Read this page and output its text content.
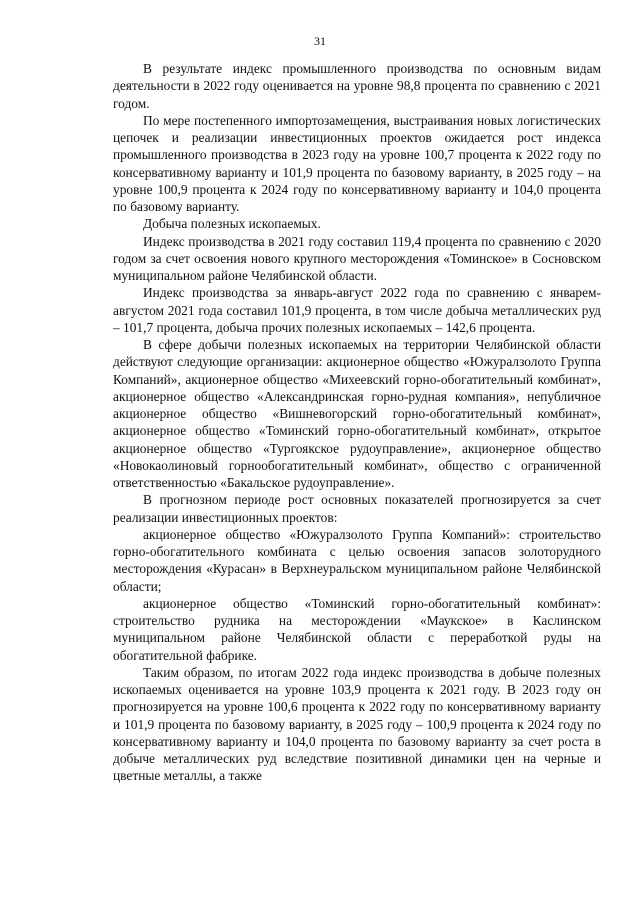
31

В результате индекс промышленного производства по основным видам деятельности в 2022 году оценивается на уровне 98,8 процента по сравнению с 2021 годом.

По мере постепенного импортозамещения, выстраивания новых логистических цепочек и реализации инвестиционных проектов ожидается рост индекса промышленного производства в 2023 году на уровне 100,7 процента к 2022 году по консервативному варианту и 101,9 процента по базовому варианту, в 2025 году – на уровне 100,9 процента к 2024 году по консервативному варианту и 104,0 процента по базовому варианту.

Добыча полезных ископаемых.

Индекс производства в 2021 году составил 119,4 процента по сравнению с 2020 годом за счет освоения нового крупного месторождения «Томинское» в Сосновском муниципальном районе Челябинской области.

Индекс производства за январь-август 2022 года по сравнению с январем-августом 2021 года составил 101,9 процента, в том числе добыча металлических руд – 101,7 процента, добыча прочих полезных ископаемых – 142,6 процента.

В сфере добычи полезных ископаемых на территории Челябинской области действуют следующие организации: акционерное общество «Южуралзолото Группа Компаний», акционерное общество «Михеевский горно-обогатительный комбинат», акционерное общество «Александринская горно-рудная компания», непубличное акционерное общество «Вишневогорский горно-обогатительный комбинат», акционерное общество «Томинский горно-обогатительный комбинат», открытое акционерное общество «Тургоякское рудоуправление», акционерное общество «Новокаолиновый горнообогатительный комбинат», общество с ограниченной ответственностью «Бакальское рудоуправление».

В прогнозном периоде рост основных показателей прогнозируется за счет реализации инвестиционных проектов:

акционерное общество «Южуралзолото Группа Компаний»: строительство горно-обогатительного комбината с целью освоения запасов золоторудного месторождения «Курасан» в Верхнеуральском муниципальном районе Челябинской области;

акционерное общество «Томинский горно-обогатительный комбинат»: строительство рудника на месторождении «Маукское» в Каслинском муниципальном районе Челябинской области с переработкой руды на обогатительной фабрике.

Таким образом, по итогам 2022 года индекс производства в добыче полезных ископаемых оценивается на уровне 103,9 процента к 2021 году. В 2023 году он прогнозируется на уровне 100,6 процента к 2022 году по консервативному варианту и 101,9 процента по базовому варианту, в 2025 году – 100,9 процента к 2024 году по консервативному варианту и 104,0 процента по базовому варианту за счет роста в добыче металлических руд вследствие позитивной динамики цен на черные и цветные металлы, а также
